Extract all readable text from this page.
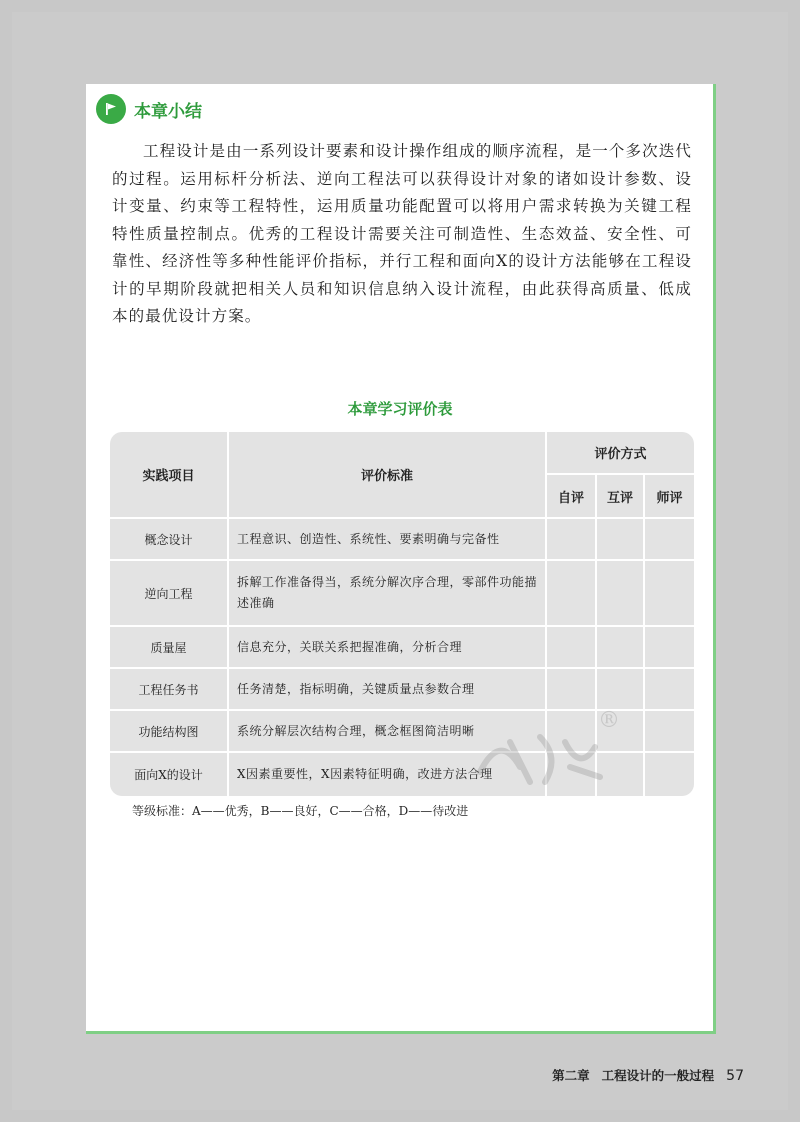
本章小结

工程设计是由一系列设计要素和设计操作组成的顺序流程，是一个多次迭代的过程。运用标杆分析法、逆向工程法可以获得设计对象的诸如设计参数、设计变量、约束等工程特性，运用质量功能配置可以将用户需求转换为关键工程特性质量控制点。优秀的工程设计需要关注可制造性、生态效益、安全性、可靠性、经济性等多种性能评价指标，并行工程和面向X的设计方法能够在工程设计的早期阶段就把相关人员和知识信息纳入设计流程，由此获得高质量、低成本的最优设计方案。

本章学习评价表
实践项目	评价标准	评价方式		
		自评	互评	师评
概念设计	工程意识、创造性、系统性、要素明确与完备性			
逆向工程	拆解工作准备得当，系统分解次序合理，零部件功能描述准确			
质量屋	信息充分，关联关系把握准确，分析合理			
工程任务书	任务清楚，指标明确，关键质量点参数合理			
功能结构图	系统分解层次结构合理，概念框图简洁明晰			
面向X的设计	X因素重要性，X因素特征明确，改进方法合理			
®
等级标准：A——优秀，B——良好，C——合格，D——待改进
第二章 工程设计的一般过程 57
